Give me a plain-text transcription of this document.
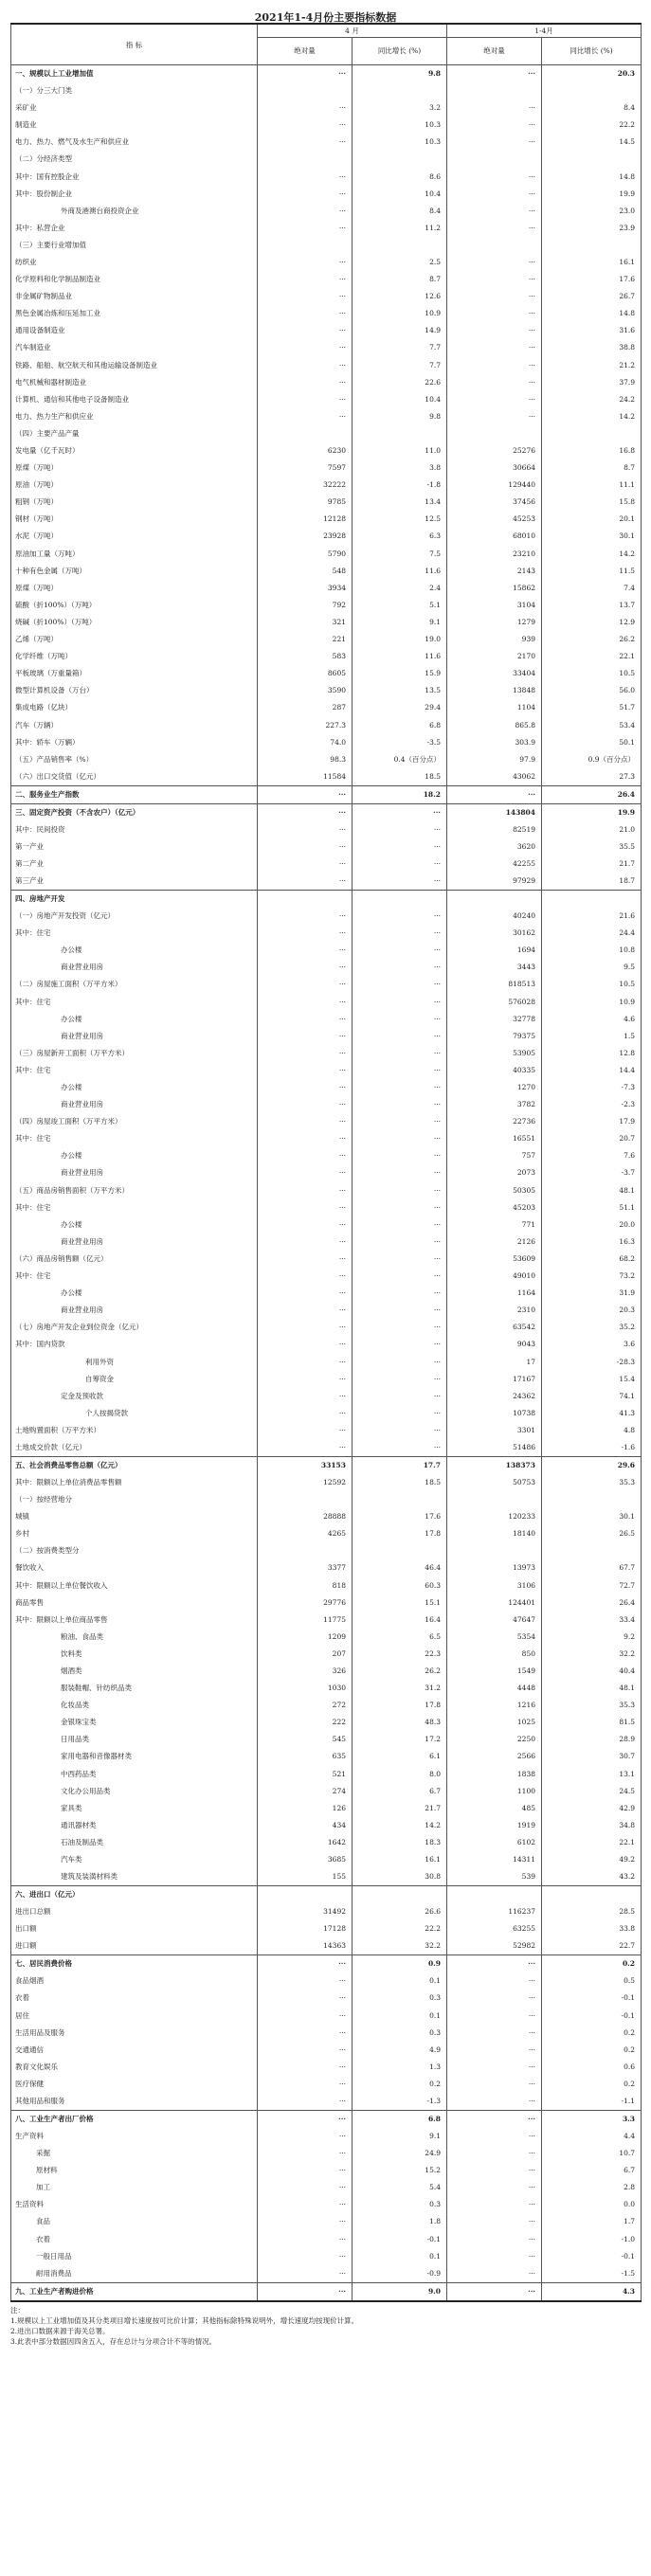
2021年1-4月份主要指标数据
指 标	4 月		1-4月	
	绝对量	同比增长 (%)	绝对量	同比增长 (%)
一、规模以上工业增加值	···	9.8	···	20.3
（一）分三大门类				
采矿业	···	3.2	···	8.4
制造业	···	10.3	···	22.2
电力、热力、燃气及水生产和供应业	···	10.3	···	14.5
（二）分经济类型				
其中：国有控股企业	···	8.6	···	14.8
其中：股份制企业	···	10.4	···	19.9
外商及港澳台商投资企业	···	8.4	···	23.0
其中：私营企业	···	11.2	···	23.9
（三）主要行业增加值				
纺织业	···	2.5	···	16.1
化学原料和化学制品制造业	···	8.7	···	17.6
非金属矿物制品业	···	12.6	···	26.7
黑色金属冶炼和压延加工业	···	10.9	···	14.8
通用设备制造业	···	14.9	···	31.6
汽车制造业	···	7.7	···	38.8
铁路、船舶、航空航天和其他运输设备制造业	···	7.7	···	21.2
电气机械和器材制造业	···	22.6	···	37.9
计算机、通信和其他电子设备制造业	···	10.4	···	24.2
电力、热力生产和供应业	···	9.8	···	14.2
（四）主要产品产量				
发电量（亿千瓦时）	6230	11.0	25276	16.8
原煤（万吨）	7597	3.8	30664	8.7
原油（万吨）	32222	-1.8	129440	11.1
粗钢（万吨）	9785	13.4	37456	15.8
钢材（万吨）	12128	12.5	45253	20.1
水泥（万吨）	23928	6.3	68010	30.1
原油加工量（万吨）	5790	7.5	23210	14.2
十种有色金属（万吨）	548	11.6	2143	11.5
原煤（万吨）	3934	2.4	15862	7.4
硫酸（折100%）（万吨）	792	5.1	3104	13.7
烧碱（折100%）（万吨）	321	9.1	1279	12.9
乙烯（万吨）	221	19.0	939	26.2
化学纤维（万吨）	583	11.6	2170	22.1
平板玻璃（万重量箱）	8605	15.9	33404	10.5
微型计算机设备（万台）	3590	13.5	13848	56.0
集成电路（亿块）	287	29.4	1104	51.7
汽车（万辆）	227.3	6.8	865.8	53.4
其中：轿车（万辆）	74.0	-3.5	303.9	50.1
（五）产品销售率（%）	98.3	0.4（百分点）	97.9	0.9（百分点）
（六）出口交货值（亿元）	11584	18.5	43062	27.3
二、服务业生产指数	···	18.2	···	26.4
三、固定资产投资（不含农户）（亿元）	···	···	143804	19.9
其中：民间投资	···	···	82519	21.0
第一产业	···	···	3620	35.5
第二产业	···	···	42255	21.7
第三产业	···	···	97929	18.7
四、房地产开发				
（一）房地产开发投资（亿元）	···	···	40240	21.6
其中：住宅	···	···	30162	24.4
办公楼	···	···	1694	10.8
商业营业用房	···	···	3443	9.5
（二）房屋施工面积（万平方米）	···	···	818513	10.5
其中：住宅	···	···	576028	10.9
办公楼	···	···	32778	4.6
商业营业用房	···	···	79375	1.5
（三）房屋新开工面积（万平方米）	···	···	53905	12.8
其中：住宅	···	···	40335	14.4
办公楼	···	···	1270	-7.3
商业营业用房	···	···	3782	-2.3
（四）房屋竣工面积（万平方米）	···	···	22736	17.9
其中：住宅	···	···	16551	20.7
办公楼	···	···	757	7.6
商业营业用房	···	···	2073	-3.7
（五）商品房销售面积（万平方米）	···	···	50305	48.1
其中：住宅	···	···	45203	51.1
办公楼	···	···	771	20.0
商业营业用房	···	···	2126	16.3
（六）商品房销售额（亿元）	···	···	53609	68.2
其中：住宅	···	···	49010	73.2
办公楼	···	···	1164	31.9
商业营业用房	···	···	2310	20.3
（七）房地产开发企业到位资金（亿元）	···	···	63542	35.2
其中：国内贷款	···	···	9043	3.6
利用外资	···	···	17	-28.3
自筹资金	···	···	17167	15.4
定金及预收款	···	···	24362	74.1
个人按揭贷款	···	···	10738	41.3
土地购置面积（万平方米）	···	···	3301	4.8
土地成交价款（亿元）	···	···	51486	-1.6
五、社会消费品零售总额（亿元）	33153	17.7	138373	29.6
其中：限额以上单位消费品零售额	12592	18.5	50753	35.3
（一）按经营地分				
城镇	28888	17.6	120233	30.1
乡村	4265	17.8	18140	26.5
（二）按消费类型分				
餐饮收入	3377	46.4	13973	67.7
其中：限额以上单位餐饮收入	818	60.3	3106	72.7
商品零售	29776	15.1	124401	26.4
其中：限额以上单位商品零售	11775	16.4	47647	33.4
粮油、食品类	1209	6.5	5354	9.2
饮料类	207	22.3	850	32.2
烟酒类	326	26.2	1549	40.4
服装鞋帽、针纺织品类	1030	31.2	4448	48.1
化妆品类	272	17.8	1216	35.3
金银珠宝类	222	48.3	1025	81.5
日用品类	545	17.2	2250	28.9
家用电器和音像器材类	635	6.1	2566	30.7
中西药品类	521	8.0	1838	13.1
文化办公用品类	274	6.7	1100	24.5
家具类	126	21.7	485	42.9
通讯器材类	434	14.2	1919	34.8
石油及制品类	1642	18.3	6102	22.1
汽车类	3685	16.1	14311	49.2
建筑及装潢材料类	155	30.8	539	43.2
六、进出口（亿元）				
进出口总额	31492	26.6	116237	28.5
出口额	17128	22.2	63255	33.8
进口额	14363	32.2	52982	22.7
七、居民消费价格	···	0.9	···	0.2
食品烟酒	···	0.1	···	0.5
衣着	···	0.3	···	-0.1
居住	···	0.1	···	-0.1
生活用品及服务	···	0.3	···	0.2
交通通信	···	4.9	···	0.2
教育文化娱乐	···	1.3	···	0.6
医疗保健	···	0.2	···	0.2
其他用品和服务	···	-1.3	···	-1.1
八、工业生产者出厂价格	···	6.8	···	3.3
生产资料	···	9.1	···	4.4
采掘	···	24.9	···	10.7
原材料	···	15.2	···	6.7
加工	···	5.4	···	2.8
生活资料	···	0.3	···	0.0
食品	···	1.8	···	1.7
衣着	···	-0.1	···	-1.0
一般日用品	···	0.1	···	-0.1
耐用消费品	···	-0.9	···	-1.5
九、工业生产者购进价格	···	9.0	···	4.3
注：
1.规模以上工业增加值及其分类项目增长速度按可比价计算；其他指标除特殊说明外，增长速度均按现价计算。
2.进出口数据来源于海关总署。
3.此表中部分数据因四舍五入，存在总计与分项合计不等的情况。
